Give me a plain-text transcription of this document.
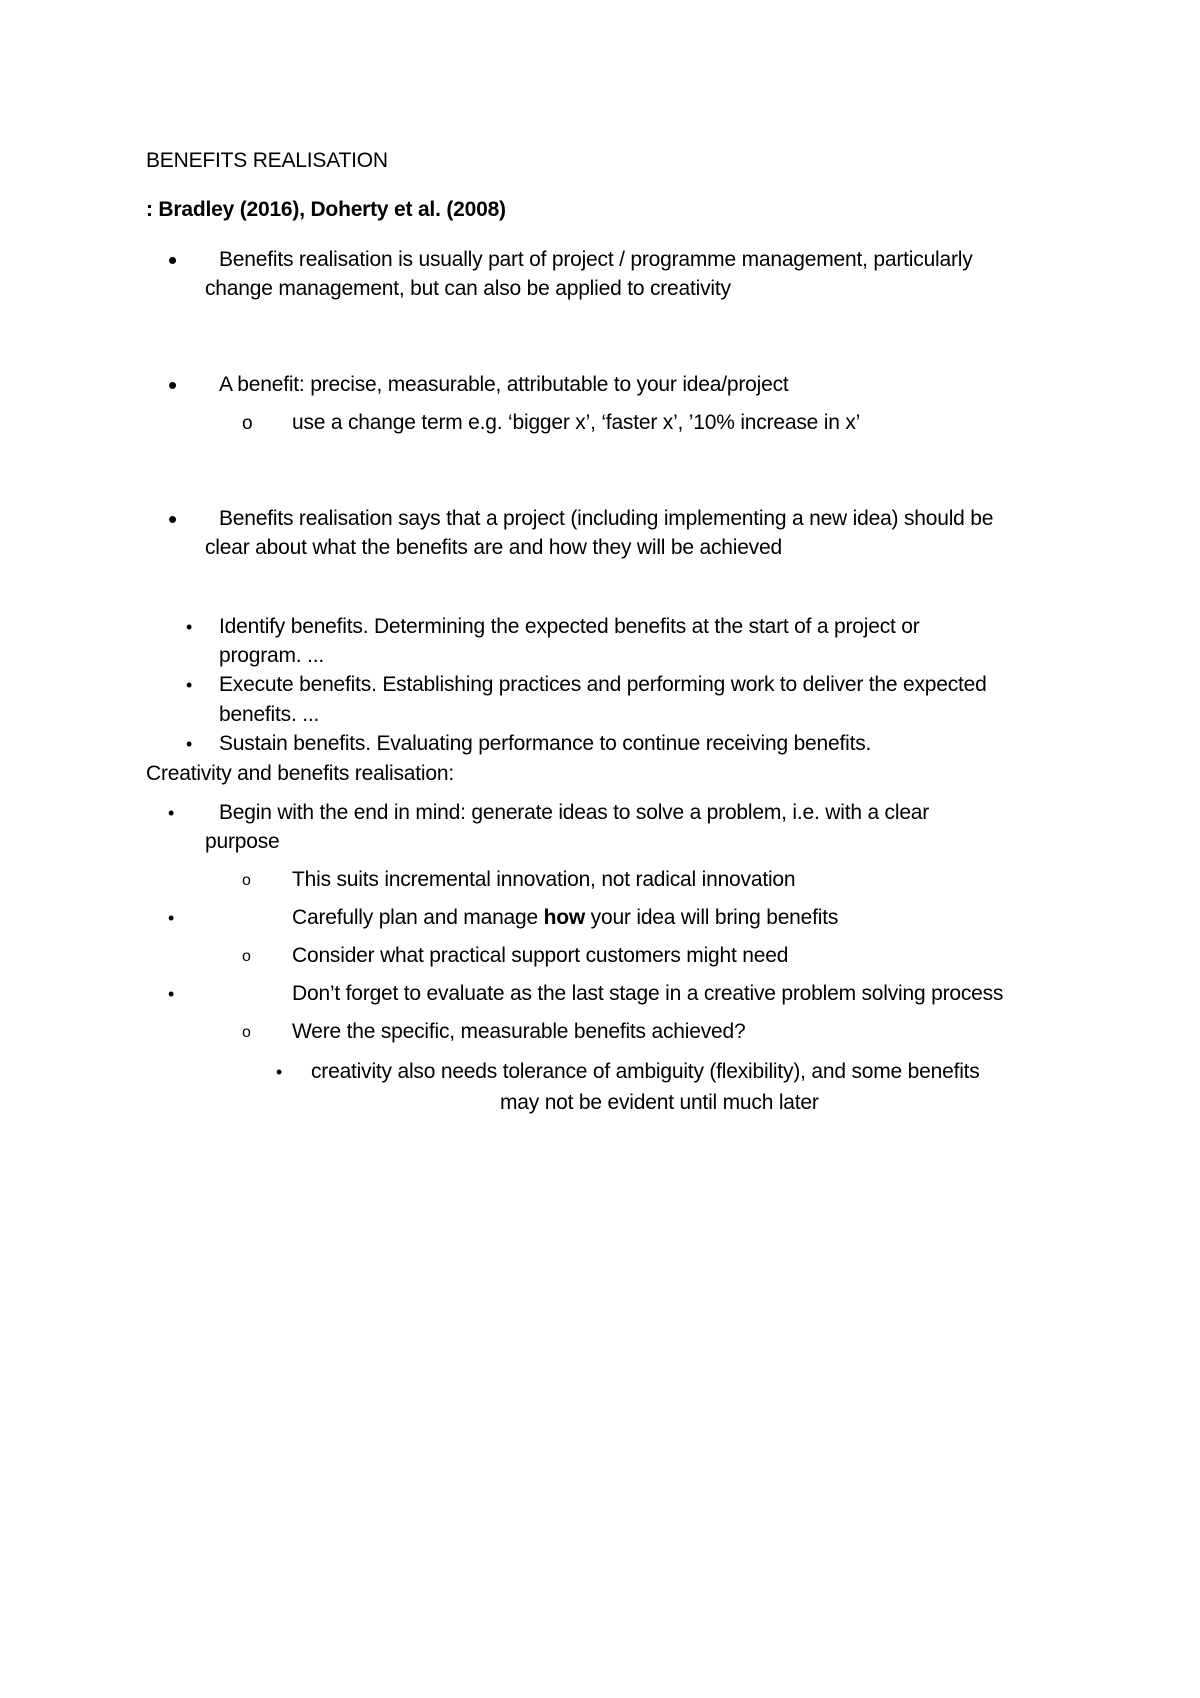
BENEFITS REALISATION
: Bradley (2016), Doherty et al. (2008)
• Benefits realisation is usually part of project / programme management, particularly
change management, but can also be applied to creativity
• A benefit: precise, measurable, attributable to your idea/project
o use a change term e.g. ‘bigger x’, ‘faster x’, ’10% increase in x’
• Benefits realisation says that a project (including implementing a new idea) should be
clear about what the benefits are and how they will be achieved
• Identify benefits. Determining the expected benefits at the start of a project or
program. ...
• Execute benefits. Establishing practices and performing work to deliver the expected
benefits. ...
• Sustain benefits. Evaluating performance to continue receiving benefits.
Creativity and benefits realisation:
• Begin with the end in mind: generate ideas to solve a problem, i.e. with a clear
purpose
o This suits incremental innovation, not radical innovation
•	Carefully plan and manage how your idea will bring benefits
o Consider what practical support customers might need
•	Don’t forget to evaluate as the last stage in a creative problem solving process
o Were the specific, measurable benefits achieved?
• creativity also needs tolerance of ambiguity (flexibility), and some benefits
may not be evident until much later
